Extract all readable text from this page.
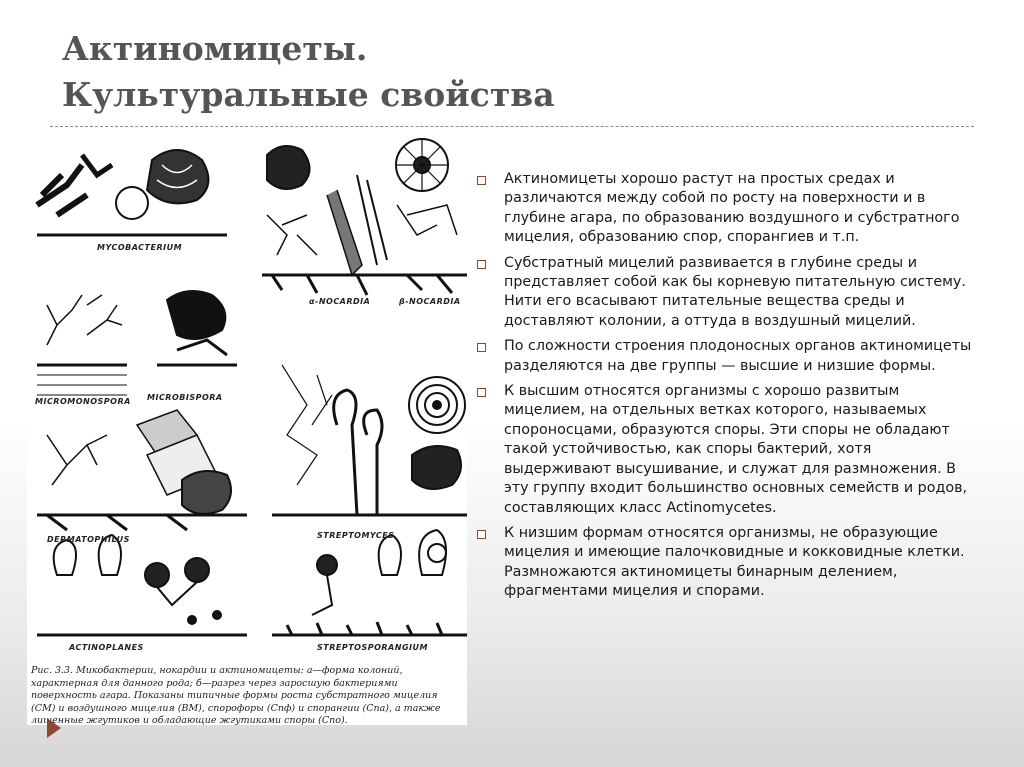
Актиномицеты.
Культуральные свойства
MYCOBACTERIUM
α-NOCARDIA	β-NOCARDIA
MICROMONOSPORA MICROBISPORA
DERMATOPHILUS	STREPTOMYCES
ACTINOPLANES	STREPTOSPORANGIUM

Рис. 3.3. Микобактерии, нокардии и актиномицеты: а—форма колоний, характерная для данного рода; б—разрез через заросшую бактериями поверхность агара. Показаны типичные формы роста субстратного мицелия (СМ) и воздушного мицелия (ВМ), спорофоры (Спф) и спорангии (Спа), а также лишенные жгутиков и обладающие жгутиками споры (Спо).

Актиномицеты хорошо растут на простых средах и различаются между собой по росту на поверхности и в глубине агара, по образованию воздушного и субстратного мицелия, образованию спор, спорангиев и т.п.
Субстратный мицелий развивается в глубине среды и представляет собой как бы корневую питательную систему. Нити его всасывают питательные вещества среды и доставляют колонии, а оттуда в воздушный мицелий.
По сложности строения плодоносных органов актиномицеты разделяются на две группы — высшие и низшие формы.
К высшим относятся организмы с хорошо развитым мицелием, на отдельных ветках которого, называемых спороносцами, образуются споры. Эти споры не обладают такой устойчивостью, как споры бактерий, хотя выдерживают высушивание, и служат для размножения. В эту группу входит большинство основных семейств и родов, составляющих класс Actinomycetes.
К низшим формам относятся организмы, не образующие мицелия и имеющие палочковидные и кокковидные клетки. Размножаются актиномицеты бинарным делением, фрагментами мицелия и спорами.
